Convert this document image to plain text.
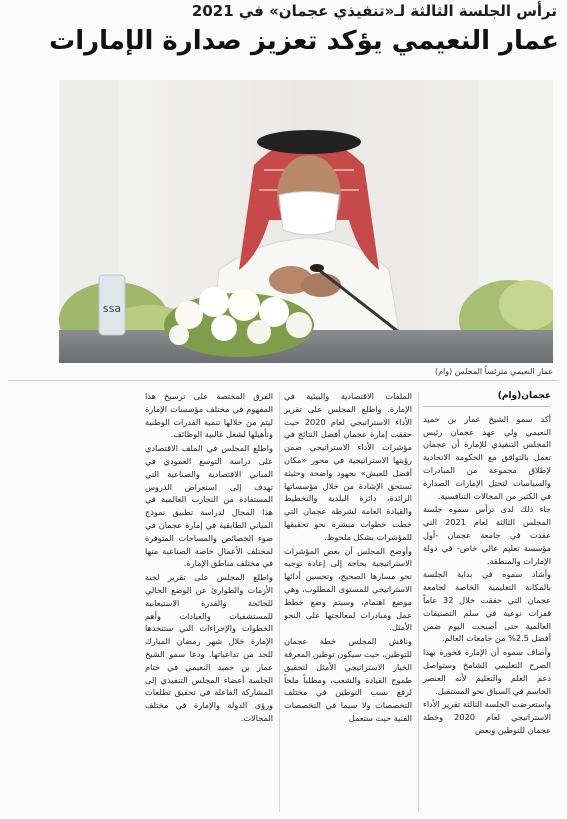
ترأس الجلسة الثالثة لـ«تنفيذي عجمان» في 2021
عمار النعيمي يؤكد تعزيز صدارة الإمارات
ssa
عمار النعيمي مترئساً المجلس (وام)
عجمان(وام)

أكد سمو الشيخ عمار بن حميد النعيمي ولي عهد عجمان رئيس المجلس التنفيذي للإمارة أن عجمان تعمل بالتوافق مع الحكومة الاتحادية لإطلاق مجموعة من المبادرات والسياسات لتحتل الإمارات الصدارة في الكثير من المجالات التنافسية.

جاء ذلك لدى ترأس سموه جلسة المجلس الثالثة لعام 2021 التي عقدت في جامعة عجمان -أول مؤسسة تعليم عالي خاص- في دولة الإمارات والمنطقة.

وأشاد سموه في بداية الجلسة بالمكانة التعليمية الخاصة لجامعة عجمان التي حققت خلال 32 عاماً قفزات نوعية في سلم التصنيفات العالمية حتى أصبحت اليوم ضمن أفضل 2.5% من جامعات العالم.

وأضاف سموه أن الإمارة فخورة بهذا الصرح التعليمي الشامخ وستواصل دعم العلم والتعليم لأنه العنصر الحاسم في السباق نحو المستقبل.

واستعرضت الجلسة الثالثة تقرير الأداء الاستراتيجي لعام 2020 وخطة عجمان للتوطين وبعض

الملفات الاقتصادية والبيئية في الإمارة. واطلع المجلس على تقرير الأداء الاستراتيجي لعام 2020 حيث حققت إمارة عجمان أفضل النتائج في مؤشرات الأداء الاستراتيجي ضمن رؤيتها الاستراتيجية في محور «مكان أفضل للعيش» بجهود واضحة وحثيثة تستحق الإشادة من خلال مؤسساتها الرائدة، دائرة البلدية والتخطيط والقيادة العامة لشرطة عجمان التي خطت خطوات مبشرة نحو تحقيقها للمؤشرات بشكل ملحوظ.

وأوضح المجلس أن بعض المؤشرات الاستراتيجية بحاجة إلى إعادة توجيه نحو مسارها الصحيح، وتحسين أدائها الاستراتيجي للمستوى المطلوب، وهي موضع اهتمام، وسيتم وضع خطط عمل ومبادرات لمعالجتها على النحو الأمثل.

وناقش المجلس خطة عجمان للتوطين، حيث سيكون توطين المعرفة الخيار الاستراتيجي الأمثل لتحقيق طموح القيادة والشعب، ومطلباً ملحاً لرفع نسب التوطين في مختلف التخصصات ولا سيما في التخصصات الفنية حيث ستعمل

الفرق المختصة على ترسيخ هذا المفهوم في مختلف مؤسسات الإمارة ليتم من خلالها تنمية القدرات الوطنية وتأهيلها لشغل غالبية الوظائف.

واطلع المجلس في الملف الاقتصادي على دراسة التوسع العمودي في المباني الاقتصادية والصناعية التي تهدف إلى استعراض الدروس المستفادة من التجارب العالمية في هذا المجال لدراسة تطبيق نموذج المباني الطابقية في إمارة عجمان في ضوء الخصائص والمساحات المتوفرة لمختلف الأعمال خاصة الصناعية منها في مختلف مناطق الإمارة.

واطلع المجلس على تقرير لجنة الأزمات والطوارئ عن الوضع الحالي للجائحة والقدرة الاستيعابية للمستشفيات والعيادات وأهم الخطوات والإجراءات التي ستتخذها الإمارة خلال شهر رمضان المبارك للحد من تداعياتها. ودعا سمو الشيخ عمار بن حميد النعيمي في ختام الجلسة أعضاء المجلس التنفيذي إلى المشاركة الفاعلة في تحقيق تطلعات ورؤى الدولة والإمارة في مختلف المجالات.
